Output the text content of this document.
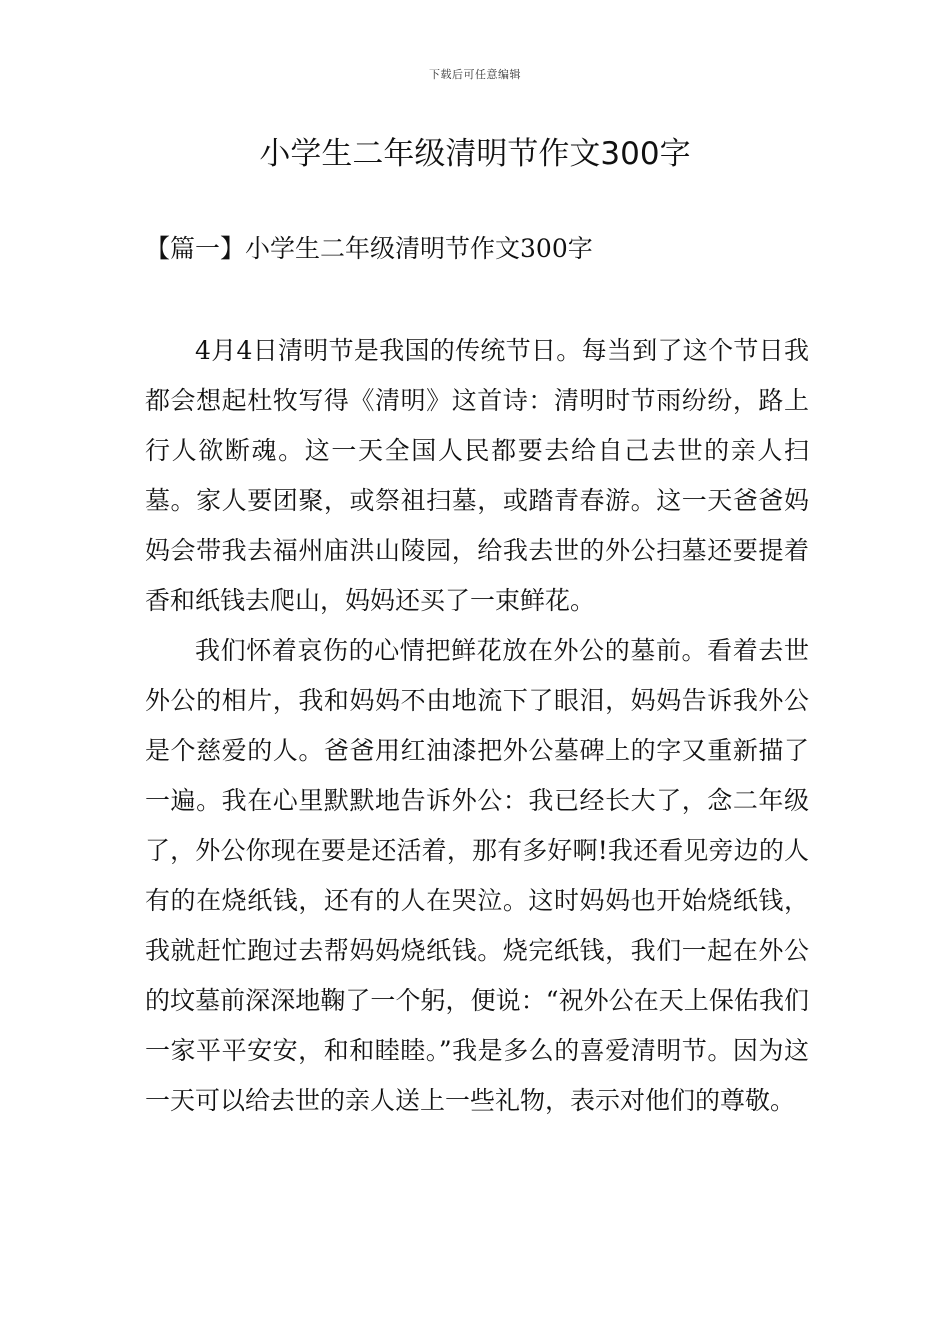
下载后可任意编辑
小学生二年级清明节作文300字
【篇一】小学生二年级清明节作文300字

4月4日清明节是我国的传统节日。每当到了这个节日我都会想起杜牧写得《清明》这首诗：清明时节雨纷纷，路上行人欲断魂。这一天全国人民都要去给自己去世的亲人扫墓。家人要团聚，或祭祖扫墓，或踏青春游。这一天爸爸妈妈会带我去福州庙洪山陵园，给我去世的外公扫墓还要提着香和纸钱去爬山，妈妈还买了一束鲜花。

我们怀着哀伤的心情把鲜花放在外公的墓前。看着去世外公的相片，我和妈妈不由地流下了眼泪，妈妈告诉我外公是个慈爱的人。爸爸用红油漆把外公墓碑上的字又重新描了一遍。我在心里默默地告诉外公：我已经长大了，念二年级了，外公你现在要是还活着，那有多好啊!我还看见旁边的人有的在烧纸钱，还有的人在哭泣。这时妈妈也开始烧纸钱，我就赶忙跑过去帮妈妈烧纸钱。烧完纸钱，我们一起在外公的坟墓前深深地鞠了一个躬，便说：“祝外公在天上保佑我们一家平平安安，和和睦睦。”我是多么的喜爱清明节。因为这一天可以给去世的亲人送上一些礼物，表示对他们的尊敬。
